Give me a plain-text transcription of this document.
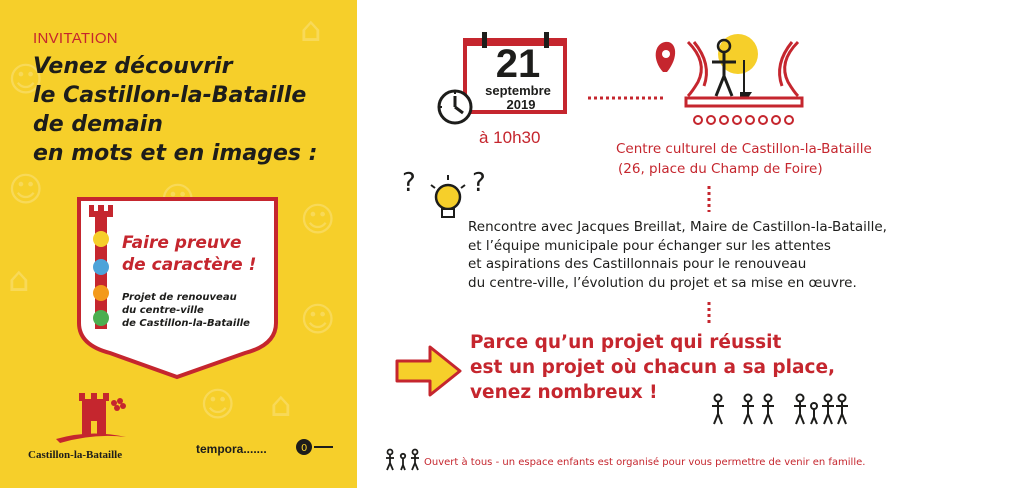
☺
⌂
☺
☺
⌂
☺
☺ ⌂
INVITATION
Venez découvrir
le Castillon-la-Bataille
de demain
en mots et en images :
Faire preuve
de caractère !
Projet de renouveau
du centre-ville
de Castillon-la-Bataille
Castillon-la-Bataille	tempora.......	0
21
septembre
2019
à 10h30
Centre culturel de Castillon-la-Bataille
(26, place du Champ de Foire)
? ?
Rencontre avec Jacques Breillat, Maire de Castillon-la-Bataille,
et l’équipe municipale pour échanger sur les attentes
et aspirations des Castillonnais pour le renouveau
du centre-ville, l’évolution du projet et sa mise en œuvre.
Parce qu’un projet qui réussit
est un projet où chacun a sa place,
venez nombreux !
Ouvert à tous - un espace enfants est organisé pour vous permettre de venir en famille.
